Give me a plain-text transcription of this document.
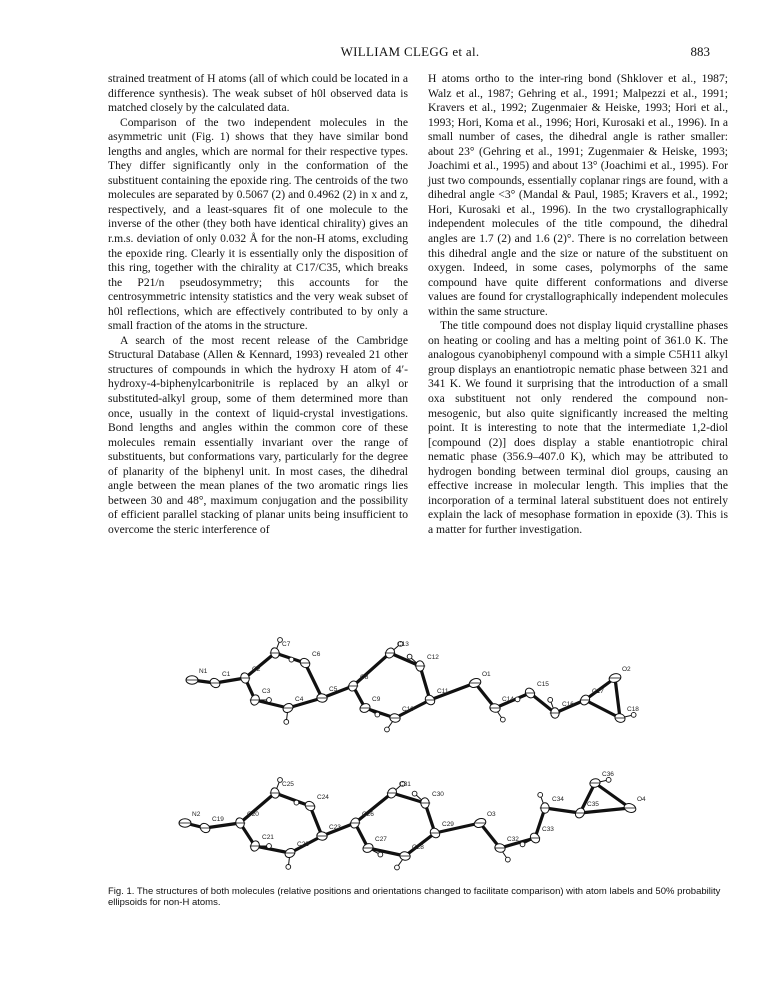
WILLIAM CLEGG et al.	883

strained treatment of H atoms (all of which could be located in a difference synthesis). The weak subset of h0l observed data is matched closely by the calculated data.

Comparison of the two independent molecules in the asymmetric unit (Fig. 1) shows that they have similar bond lengths and angles, which are normal for their respective types. They differ significantly only in the conformation of the substituent containing the epoxide ring. The centroids of the two molecules are separated by 0.5067 (2) and 0.4962 (2) in x and z, respectively, and a least-squares fit of one molecule to the inverse of the other (they both have identical chirality) gives an r.m.s. deviation of only 0.032 Å for the non-H atoms, excluding the epoxide ring. Clearly it is essentially only the disposition of this ring, together with the chirality at C17/C35, which breaks the P21/n pseudosymmetry; this accounts for the centrosymmetric intensity statistics and the very weak subset of h0l reflections, which are effectively contributed to by only a small fraction of the atoms in the structure.

A search of the most recent release of the Cambridge Structural Database (Allen & Kennard, 1993) revealed 21 other structures of compounds in which the hydroxy H atom of 4′-hydroxy-4-biphenylcarbonitrile is replaced by an alkyl or substituted-alkyl group, some of them determined more than once, usually in the context of liquid-crystal investigations. Bond lengths and angles within the common core of these molecules remain essentially invariant over the range of substituents, but conformations vary, particularly for the degree of planarity of the biphenyl unit. In most cases, the dihedral angle between the mean planes of the two aromatic rings lies between 30 and 48°, maximum conjugation and the possibility of efficient parallel stacking of planar units being insufficient to overcome the steric interference of

H atoms ortho to the inter-ring bond (Shklover et al., 1987; Walz et al., 1987; Gehring et al., 1991; Malpezzi et al., 1991; Kravers et al., 1992; Zugenmaier & Heiske, 1993; Hori et al., 1993; Hori, Koma et al., 1996; Hori, Kurosaki et al., 1996). In a small number of cases, the dihedral angle is rather smaller: about 23° (Gehring et al., 1991; Zugenmaier & Heiske, 1993; Joachimi et al., 1995) and about 13° (Joachimi et al., 1995). For just two compounds, essentially coplanar rings are found, with a dihedral angle <3° (Mandal & Paul, 1985; Kravers et al., 1992; Hori, Kurosaki et al., 1996). In the two crystallographically independent molecules of the title compound, the dihedral angles are 1.7 (2) and 1.6 (2)°. There is no correlation between this dihedral angle and the size or nature of the substituent on oxygen. Indeed, in some cases, polymorphs of the same compound have quite different conformations and diverse values are found for crystallographically independent molecules within the same structure.

The title compound does not display liquid crystalline phases on heating or cooling and has a melting point of 361.0 K. The analogous cyanobiphenyl compound with a simple C5H11 alkyl group displays an enantiotropic nematic phase between 321 and 341 K. We found it surprising that the introduction of a small oxa substituent not only rendered the compound non-mesogenic, but also quite significantly increased the melting point. It is interesting to note that the intermediate 1,2-diol [compound (2)] does display a stable enantiotropic chiral nematic phase (356.9–407.0 K), which may be attributed to hydrogen bonding between terminal diol groups, causing an effective increase in molecular length. This implies that the incorporation of a terminal lateral substituent does not entirely explain the lack of mesophase formation in epoxide (3). This is a matter for further investigation.

N1 C1
C2
C3
C4
C5
C6
C7
C8
C9
C10
C11
C12
C13
O1
C14
C15
C16
C17
O2
C18
N2
C19
C20
C21
C22
C23
C24
C25
C26
C27
C28
C29
C30
C31
O3
C32
C33
C34
C35
C36
O4
Fig. 1. The structures of both molecules (relative positions and orientations changed to facilitate comparison) with atom labels and 50% probability ellipsoids for non-H atoms.
